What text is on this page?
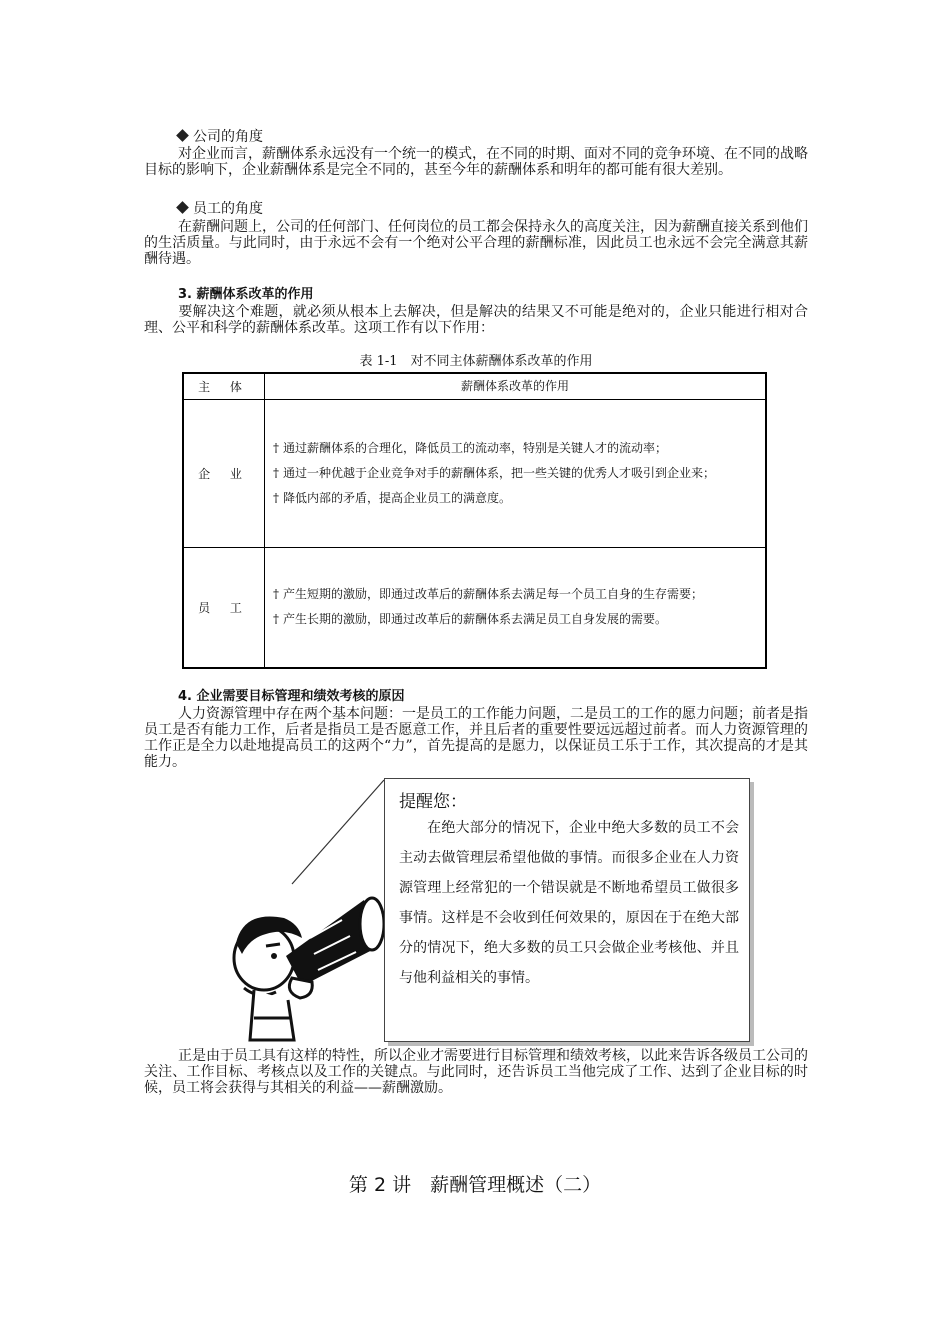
公司的角度
对企业而言，薪酬体系永远没有一个统一的模式，在不同的时期、面对不同的竞争环境、在不同的战略目标的影响下，企业薪酬体系是完全不同的，甚至今年的薪酬体系和明年的都可能有很大差别。
员工的角度
在薪酬问题上，公司的任何部门、任何岗位的员工都会保持永久的高度关注，因为薪酬直接关系到他们的生活质量。与此同时，由于永远不会有一个绝对公平合理的薪酬标准，因此员工也永远不会完全满意其薪酬待遇。
3. 薪酬体系改革的作用
要解决这个难题，就必须从根本上去解决，但是解决的结果又不可能是绝对的，企业只能进行相对合理、公平和科学的薪酬体系改革。这项工作有以下作用：
表 1-1　对不同主体薪酬体系改革的作用
主 体	薪酬体系改革的作用
企 业	† 通过薪酬体系的合理化，降低员工的流动率，特别是关键人才的流动率；
† 通过一种优越于企业竞争对手的薪酬体系，把一些关键的优秀人才吸引到企业来；
† 降低内部的矛盾，提高企业员工的满意度。

员 工	† 产生短期的激励，即通过改革后的薪酬体系去满足每一个员工自身的生存需要；
† 产生长期的激励，即通过改革后的薪酬体系去满足员工自身发展的需要。
4. 企业需要目标管理和绩效考核的原因
人力资源管理中存在两个基本问题：一是员工的工作能力问题，二是员工的工作的愿力问题；前者是指员工是否有能力工作，后者是指员工是否愿意工作，并且后者的重要性要远远超过前者。而人力资源管理的工作正是全力以赴地提高员工的这两个“力”，首先提高的是愿力，以保证员工乐于工作，其次提高的才是其能力。
提醒您：
在绝大部分的情况下，企业中绝大多数的员工不会主动去做管理层希望他做的事情。而很多企业在人力资源管理上经常犯的一个错误就是不断地希望员工做很多事情。这样是不会收到任何效果的，原因在于在绝大部分的情况下，绝大多数的员工只会做企业考核他、并且与他利益相关的事情。
正是由于员工具有这样的特性，所以企业才需要进行目标管理和绩效考核，以此来告诉各级员工公司的关注、工作目标、考核点以及工作的关键点。与此同时，还告诉员工当他完成了工作、达到了企业目标的时候，员工将会获得与其相关的利益——薪酬激励。
第 2 讲　薪酬管理概述（二）
